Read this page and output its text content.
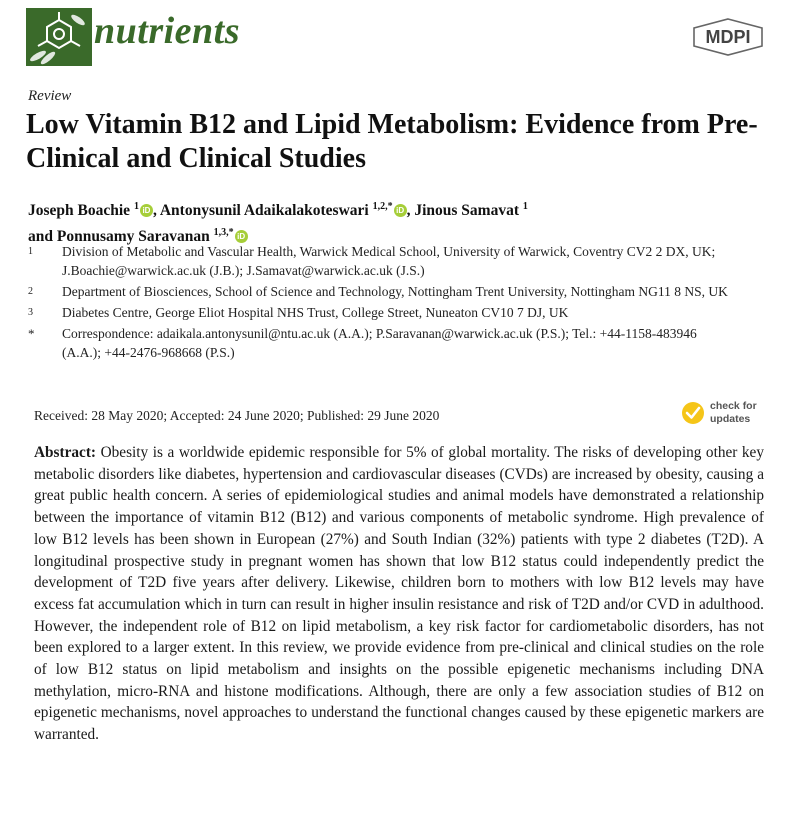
nutrients	MDPI
Review
Low Vitamin B12 and Lipid Metabolism: Evidence from Pre-Clinical and Clinical Studies
Joseph Boachie $^1$ iD , Antonysunil Adaikalakoteswari $^{1,2,*}$ iD , Jinous Samavat $^1$
and Ponnusamy Saravanan $^{1,3,*}$ iD
1	Division of Metabolic and Vascular Health, Warwick Medical School, University of Warwick, Coventry CV2 2 DX, UK; J.Boachie@warwick.ac.uk (J.B.); J.Samavat@warwick.ac.uk (J.S.)
2	Department of Biosciences, School of Science and Technology, Nottingham Trent University, Nottingham NG11 8 NS, UK
3	Diabetes Centre, George Eliot Hospital NHS Trust, College Street, Nuneaton CV10 7 DJ, UK
*	Correspondence: adaikala.antonysunil@ntu.ac.uk (A.A.); P.Saravanan@warwick.ac.uk (P.S.); Tel.: +44-1158-483946 (A.A.); +44-2476-968668 (P.S.)
Received: 28 May 2020; Accepted: 24 June 2020; Published: 29 June 2020
check for
updates
Abstract: Obesity is a worldwide epidemic responsible for 5% of global mortality. The risks of developing other key metabolic disorders like diabetes, hypertension and cardiovascular diseases (CVDs) are increased by obesity, causing a great public health concern. A series of epidemiological studies and animal models have demonstrated a relationship between the importance of vitamin B12 (B12) and various components of metabolic syndrome. High prevalence of low B12 levels has been shown in European (27%) and South Indian (32%) patients with type 2 diabetes (T2D). A longitudinal prospective study in pregnant women has shown that low B12 status could independently predict the development of T2D five years after delivery. Likewise, children born to mothers with low B12 levels may have excess fat accumulation which in turn can result in higher insulin resistance and risk of T2D and/or CVD in adulthood. However, the independent role of B12 on lipid metabolism, a key risk factor for cardiometabolic disorders, has not been explored to a larger extent. In this review, we provide evidence from pre-clinical and clinical studies on the role of low B12 status on lipid metabolism and insights on the possible epigenetic mechanisms including DNA methylation, micro-RNA and histone modifications. Although, there are only a few association studies of B12 on epigenetic mechanisms, novel approaches to understand the functional changes caused by these epigenetic markers are warranted.
